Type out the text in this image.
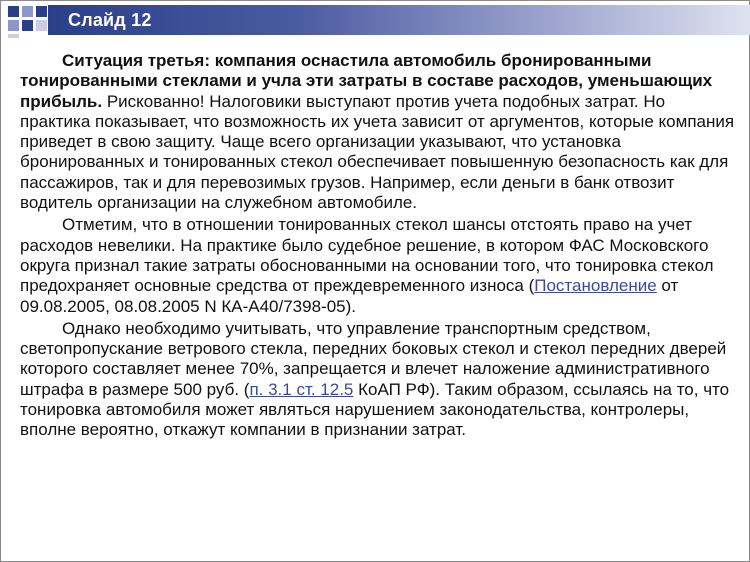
Слайд 12

Ситуация третья: компания оснастила автомобиль бронированными тонированными стеклами и учла эти затраты в составе расходов, уменьшающих прибыль. Рискованно! Налоговики выступают против учета подобных затрат. Но практика показывает, что возможность их учета зависит от аргументов, которые компания приведет в свою защиту. Чаще всего организации указывают, что установка бронированных и тонированных стекол обеспечивает повышенную безопасность как для пассажиров, так и для перевозимых грузов. Например, если деньги в банк отвозит водитель организации на служебном автомобиле.

Отметим, что в отношении тонированных стекол шансы отстоять право на учет расходов невелики. На практике было судебное решение, в котором ФАС Московского округа признал такие затраты обоснованными на основании того, что тонировка стекол предохраняет основные средства от преждевременного износа (Постановление от 09.08.2005, 08.08.2005 N КА-А40/7398-05).

Однако необходимо учитывать, что управление транспортным средством, светопропускание ветрового стекла, передних боковых стекол и стекол передних дверей которого составляет менее 70%, запрещается и влечет наложение административного штрафа в размере 500 руб. (п. 3.1 ст. 12.5 КоАП РФ). Таким образом, ссылаясь на то, что тонировка автомобиля может являться нарушением законодательства, контролеры, вполне вероятно, откажут компании в признании затрат.
